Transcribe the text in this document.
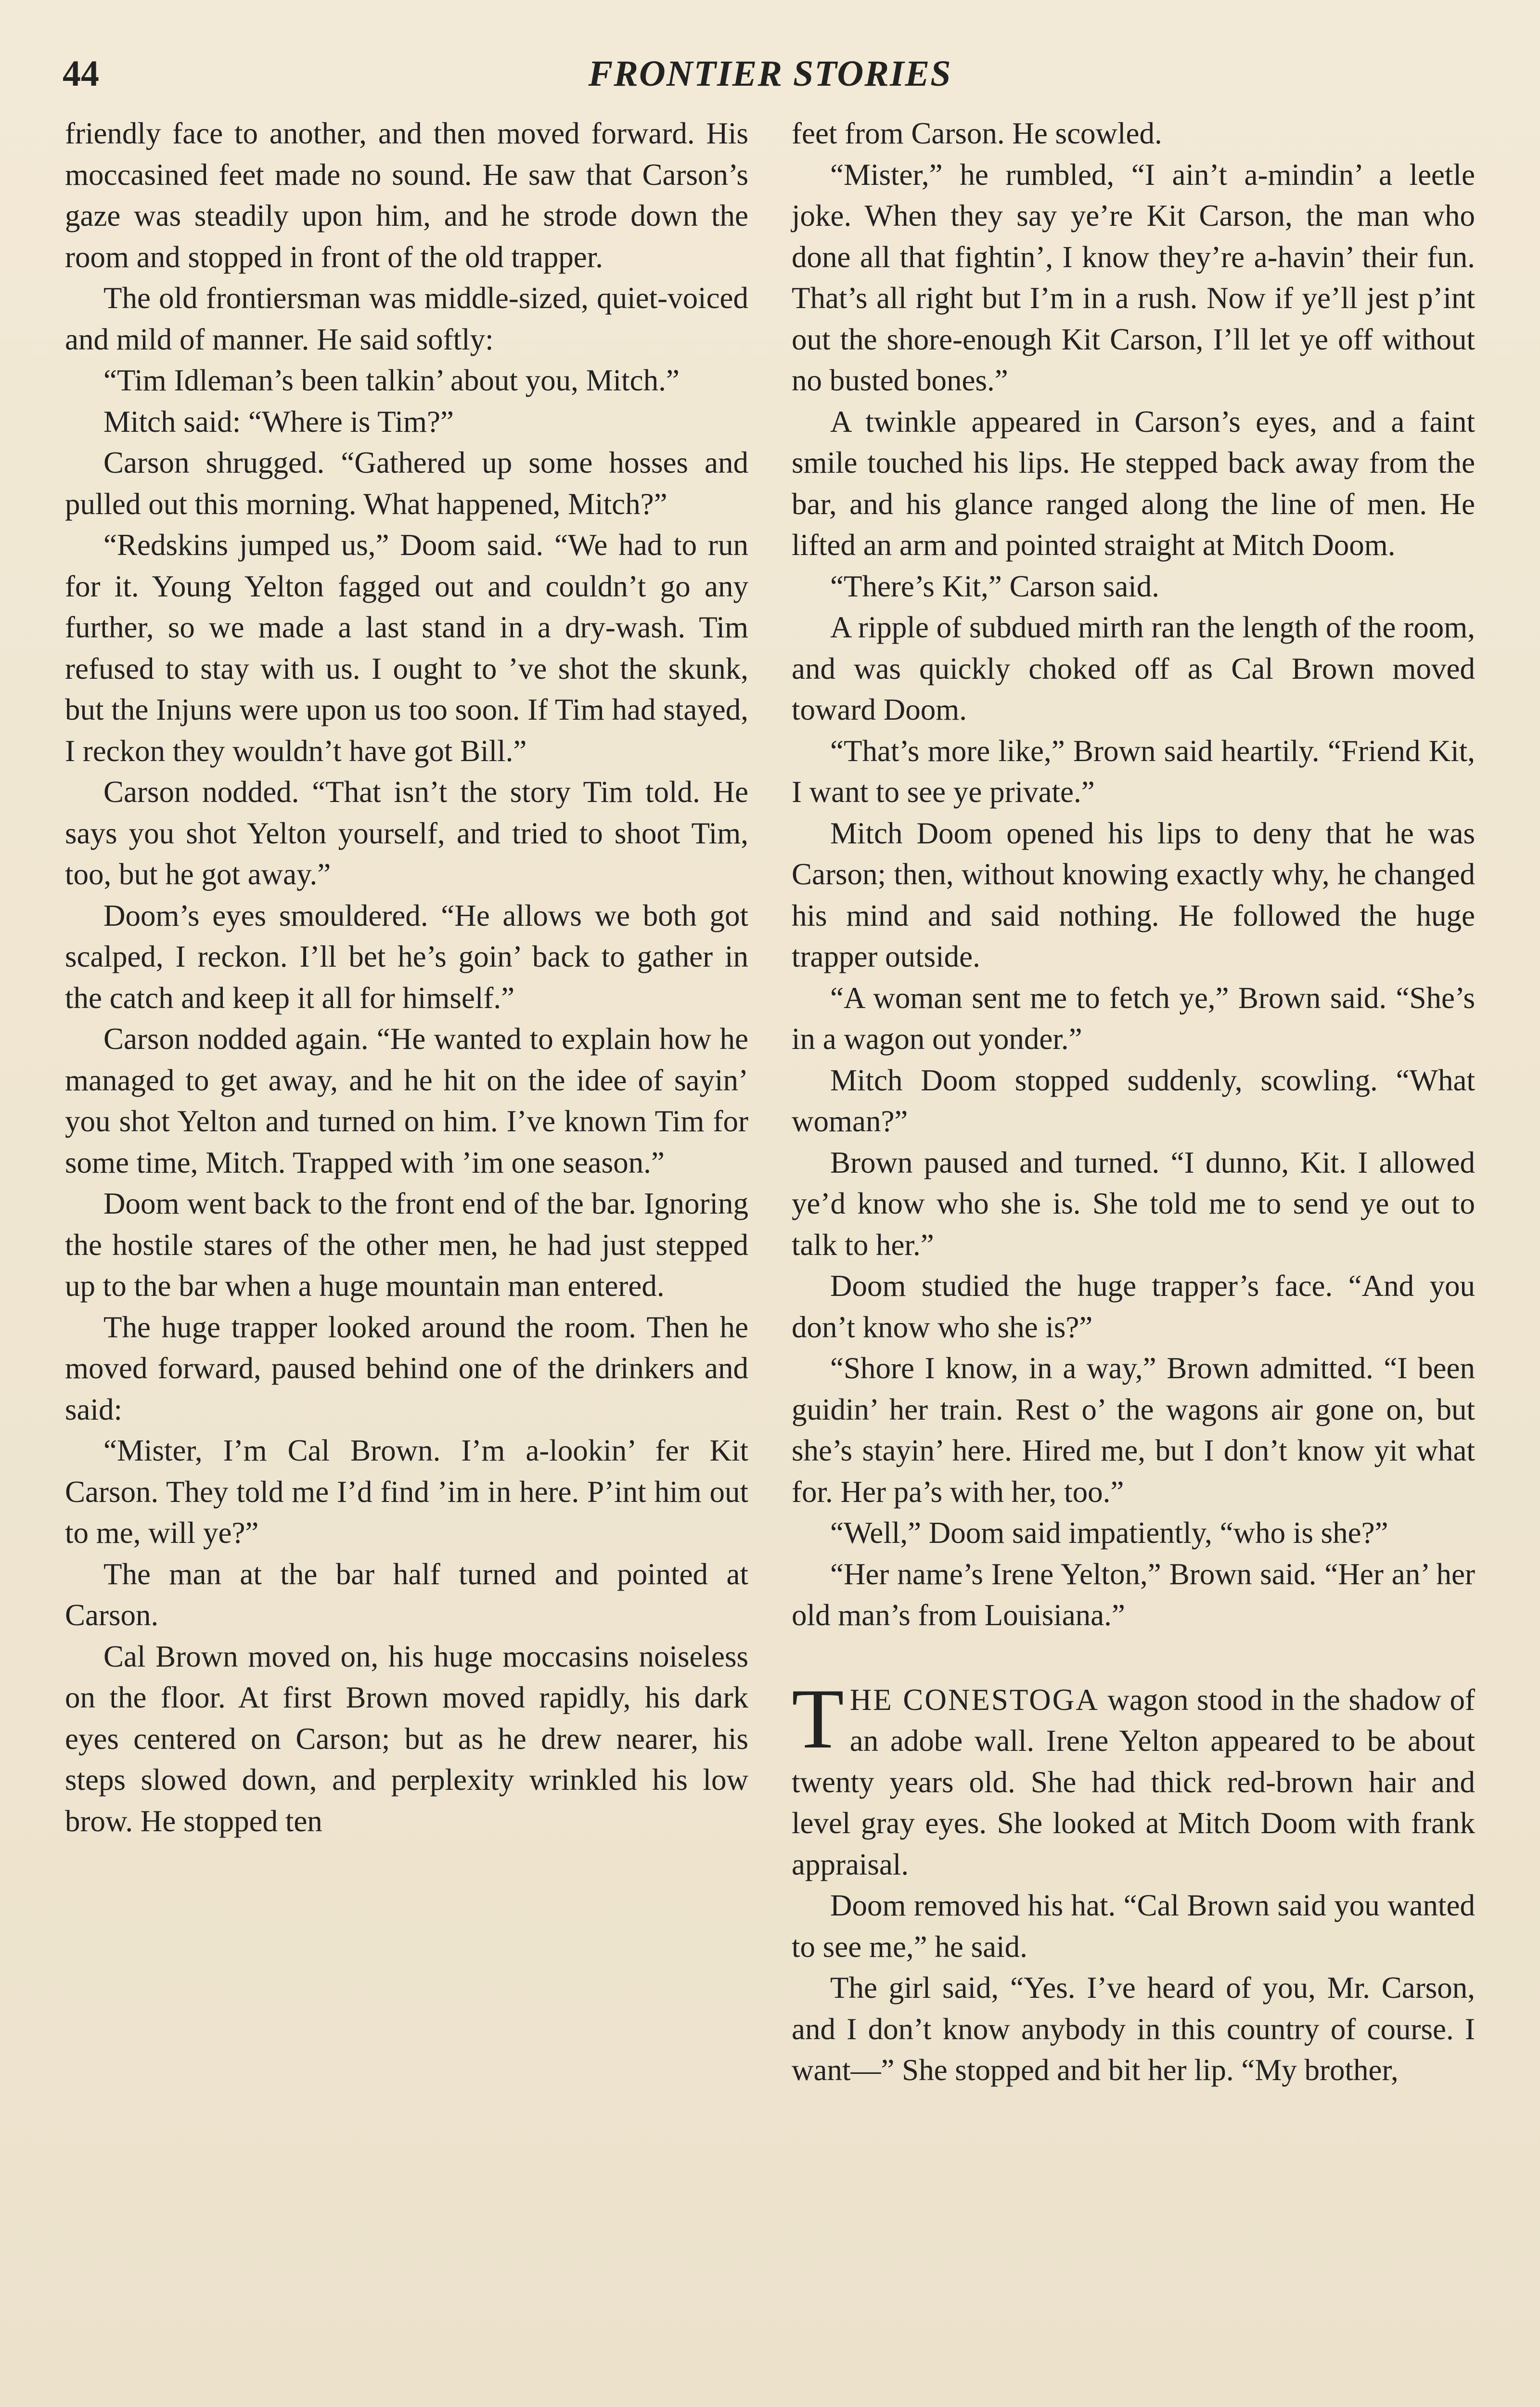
44	FRONTIER STORIES

friendly face to another, and then moved forward. His moccasined feet made no sound. He saw that Carson’s gaze was steadily upon him, and he strode down the room and stopped in front of the old trapper.

The old frontiersman was middle-sized, quiet-voiced and mild of manner. He said softly:

“Tim Idleman’s been talkin’ about you, Mitch.”

Mitch said: “Where is Tim?”

Carson shrugged. “Gathered up some hosses and pulled out this morning. What happened, Mitch?”

“Redskins jumped us,” Doom said. “We had to run for it. Young Yelton fagged out and couldn’t go any further, so we made a last stand in a dry-wash. Tim refused to stay with us. I ought to ’ve shot the skunk, but the Injuns were upon us too soon. If Tim had stayed, I reckon they wouldn’t have got Bill.”

Carson nodded. “That isn’t the story Tim told. He says you shot Yelton yourself, and tried to shoot Tim, too, but he got away.”

Doom’s eyes smouldered. “He allows we both got scalped, I reckon. I’ll bet he’s goin’ back to gather in the catch and keep it all for himself.”

Carson nodded again. “He wanted to explain how he managed to get away, and he hit on the idee of sayin’ you shot Yelton and turned on him. I’ve known Tim for some time, Mitch. Trapped with ’im one season.”

Doom went back to the front end of the bar. Ignoring the hostile stares of the other men, he had just stepped up to the bar when a huge mountain man entered.

The huge trapper looked around the room. Then he moved forward, paused behind one of the drinkers and said:

“Mister, I’m Cal Brown. I’m a-lookin’ fer Kit Carson. They told me I’d find ’im in here. P’int him out to me, will ye?”

The man at the bar half turned and pointed at Carson.

Cal Brown moved on, his huge moccasins noiseless on the floor. At first Brown moved rapidly, his dark eyes centered on Carson; but as he drew nearer, his steps slowed down, and perplexity wrinkled his low brow. He stopped ten

feet from Carson. He scowled.

“Mister,” he rumbled, “I ain’t a-mindin’ a leetle joke. When they say ye’re Kit Carson, the man who done all that fightin’, I know they’re a-havin’ their fun. That’s all right but I’m in a rush. Now if ye’ll jest p’int out the shore-enough Kit Carson, I’ll let ye off without no busted bones.”

A twinkle appeared in Carson’s eyes, and a faint smile touched his lips. He stepped back away from the bar, and his glance ranged along the line of men. He lifted an arm and pointed straight at Mitch Doom.

“There’s Kit,” Carson said.

A ripple of subdued mirth ran the length of the room, and was quickly choked off as Cal Brown moved toward Doom.

“That’s more like,” Brown said heartily. “Friend Kit, I want to see ye private.”

Mitch Doom opened his lips to deny that he was Carson; then, without knowing exactly why, he changed his mind and said nothing. He followed the huge trapper outside.

“A woman sent me to fetch ye,” Brown said. “She’s in a wagon out yonder.”

Mitch Doom stopped suddenly, scowling. “What woman?”

Brown paused and turned. “I dunno, Kit. I allowed ye’d know who she is. She told me to send ye out to talk to her.”

Doom studied the huge trapper’s face. “And you don’t know who she is?”

“Shore I know, in a way,” Brown admitted. “I been guidin’ her train. Rest o’ the wagons air gone on, but she’s stayin’ here. Hired me, but I don’t know yit what for. Her pa’s with her, too.”

“Well,” Doom said impatiently, “who is she?”

“Her name’s Irene Yelton,” Brown said. “Her an’ her old man’s from Louisiana.”

THE CONESTOGA wagon stood in the shadow of an adobe wall. Irene Yelton appeared to be about twenty years old. She had thick red-brown hair and level gray eyes. She looked at Mitch Doom with frank appraisal.

Doom removed his hat. “Cal Brown said you wanted to see me,” he said.

The girl said, “Yes. I’ve heard of you, Mr. Carson, and I don’t know anybody in this country of course. I want—” She stopped and bit her lip. “My brother,
